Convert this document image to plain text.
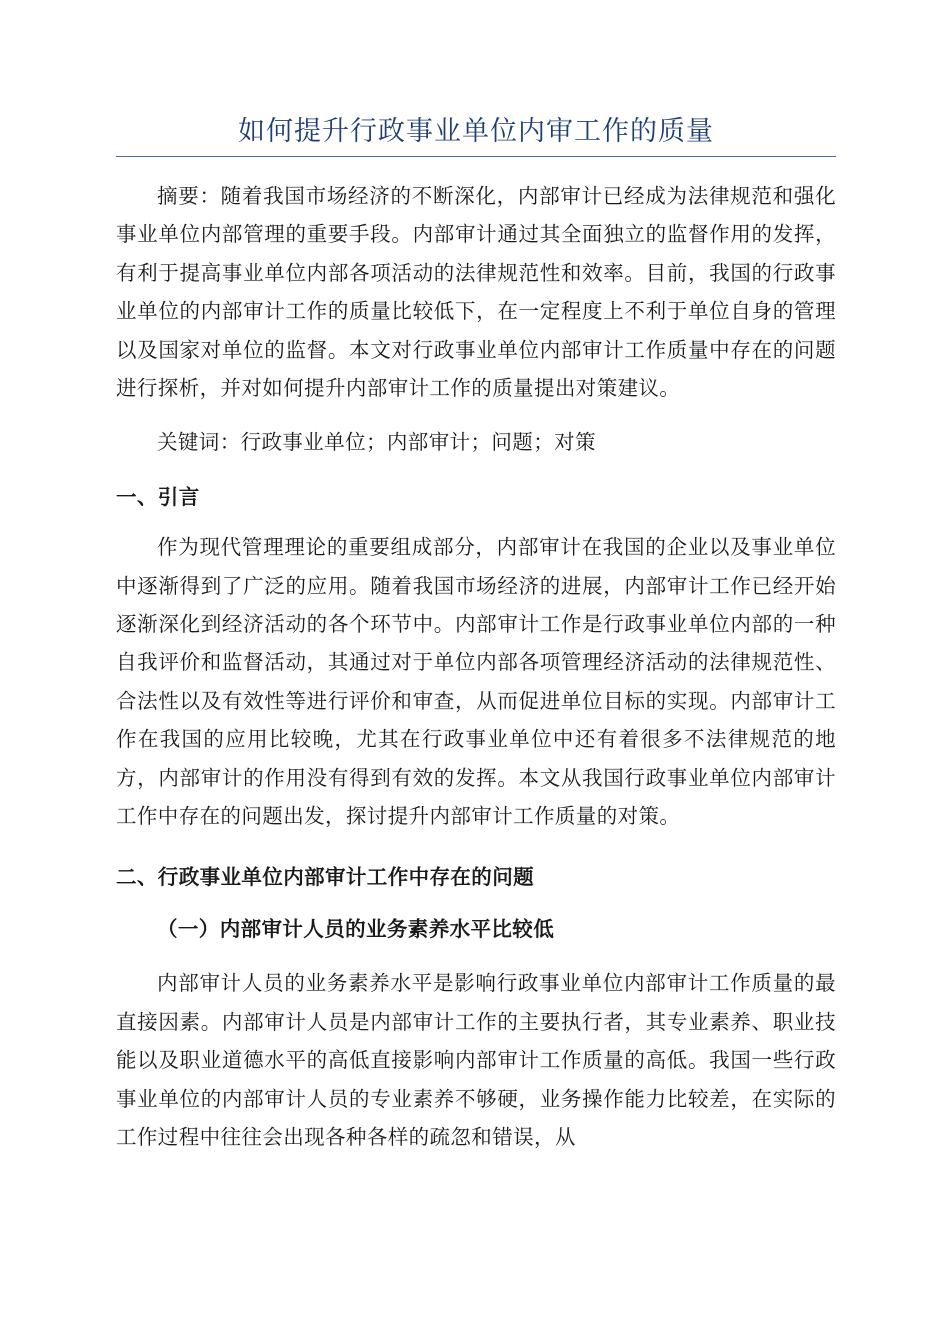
如何提升行政事业单位内审工作的质量

摘要：随着我国市场经济的不断深化，内部审计已经成为法律规范和强化事业单位内部管理的重要手段。内部审计通过其全面独立的监督作用的发挥，有利于提高事业单位内部各项活动的法律规范性和效率。目前，我国的行政事业单位的内部审计工作的质量比较低下，在一定程度上不利于单位自身的管理以及国家对单位的监督。本文对行政事业单位内部审计工作质量中存在的问题进行探析，并对如何提升内部审计工作的质量提出对策建议。

关键词：行政事业单位；内部审计；问题；对策

一、引言

作为现代管理理论的重要组成部分，内部审计在我国的企业以及事业单位中逐渐得到了广泛的应用。随着我国市场经济的进展，内部审计工作已经开始逐渐深化到经济活动的各个环节中。内部审计工作是行政事业单位内部的一种自我评价和监督活动，其通过对于单位内部各项管理经济活动的法律规范性、合法性以及有效性等进行评价和审查，从而促进单位目标的实现。内部审计工作在我国的应用比较晚，尤其在行政事业单位中还有着很多不法律规范的地方，内部审计的作用没有得到有效的发挥。本文从我国行政事业单位内部审计工作中存在的问题出发，探讨提升内部审计工作质量的对策。

二、行政事业单位内部审计工作中存在的问题
（一）内部审计人员的业务素养水平比较低

内部审计人员的业务素养水平是影响行政事业单位内部审计工作质量的最直接因素。内部审计人员是内部审计工作的主要执行者，其专业素养、职业技能以及职业道德水平的高低直接影响内部审计工作质量的高低。我国一些行政事业单位的内部审计人员的专业素养不够硬，业务操作能力比较差，在实际的工作过程中往往会出现各种各样的疏忽和错误，从
